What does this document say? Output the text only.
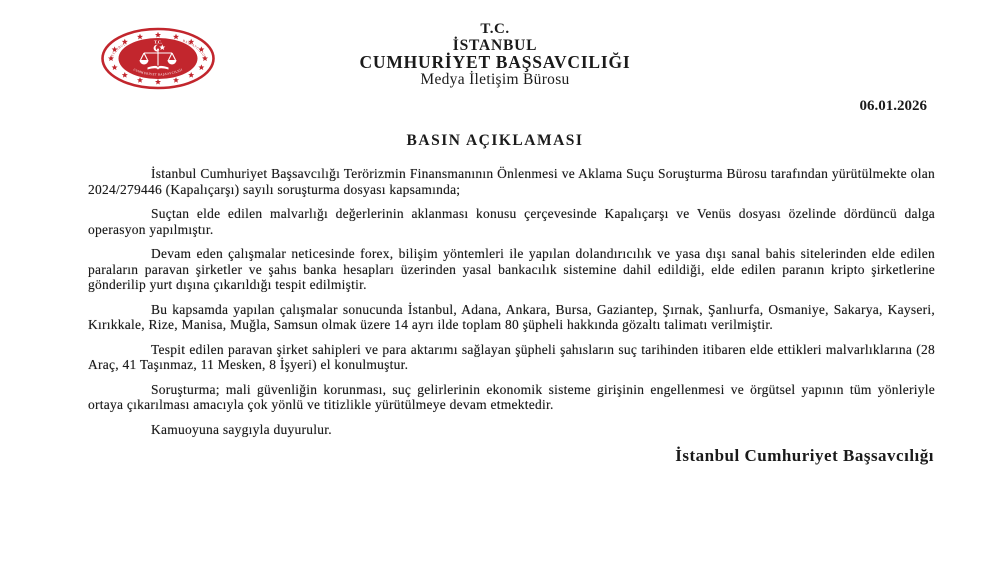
İSTANBUL
BAŞSAVCILIĞI
T.C.
CUMHURİYET BAŞSAVCILIĞI
T.C.
İSTANBUL
CUMHURİYET BAŞSAVCILIĞI
Medya İletişim Bürosu
06.01.2026
BASIN AÇIKLAMASI

İstanbul Cumhuriyet Başsavcılığı Terörizmin Finansmanının Önlenmesi ve Aklama Suçu Soruşturma Bürosu tarafından yürütülmekte olan 2024/279446 (Kapalıçarşı) sayılı soruşturma dosyası kapsamında;

Suçtan elde edilen malvarlığı değerlerinin aklanması konusu çerçevesinde Kapalıçarşı ve Venüs dosyası özelinde dördüncü dalga operasyon yapılmıştır.

Devam eden çalışmalar neticesinde forex, bilişim yöntemleri ile yapılan dolandırıcılık ve yasa dışı sanal bahis sitelerinden elde edilen paraların paravan şirketler ve şahıs banka hesapları üzerinden yasal bankacılık sistemine dahil edildiği, elde edilen paranın kripto şirketlerine gönderilip yurt dışına çıkarıldığı tespit edilmiştir.

Bu kapsamda yapılan çalışmalar sonucunda İstanbul, Adana, Ankara, Bursa, Gaziantep, Şırnak, Şanlıurfa, Osmaniye, Sakarya, Kayseri, Kırıkkale, Rize, Manisa, Muğla, Samsun olmak üzere 14 ayrı ilde toplam 80 şüpheli hakkında gözaltı talimatı verilmiştir.

Tespit edilen paravan şirket sahipleri ve para aktarımı sağlayan şüpheli şahısların suç tarihinden itibaren elde ettikleri malvarlıklarına (28 Araç, 41 Taşınmaz, 11 Mesken, 8 İşyeri) el konulmuştur.

Soruşturma; mali güvenliğin korunması, suç gelirlerinin ekonomik sisteme girişinin engellenmesi ve örgütsel yapının tüm yönleriyle ortaya çıkarılması amacıyla çok yönlü ve titizlikle yürütülmeye devam etmektedir.

Kamuoyuna saygıyla duyurulur.

İstanbul Cumhuriyet Başsavcılığı
